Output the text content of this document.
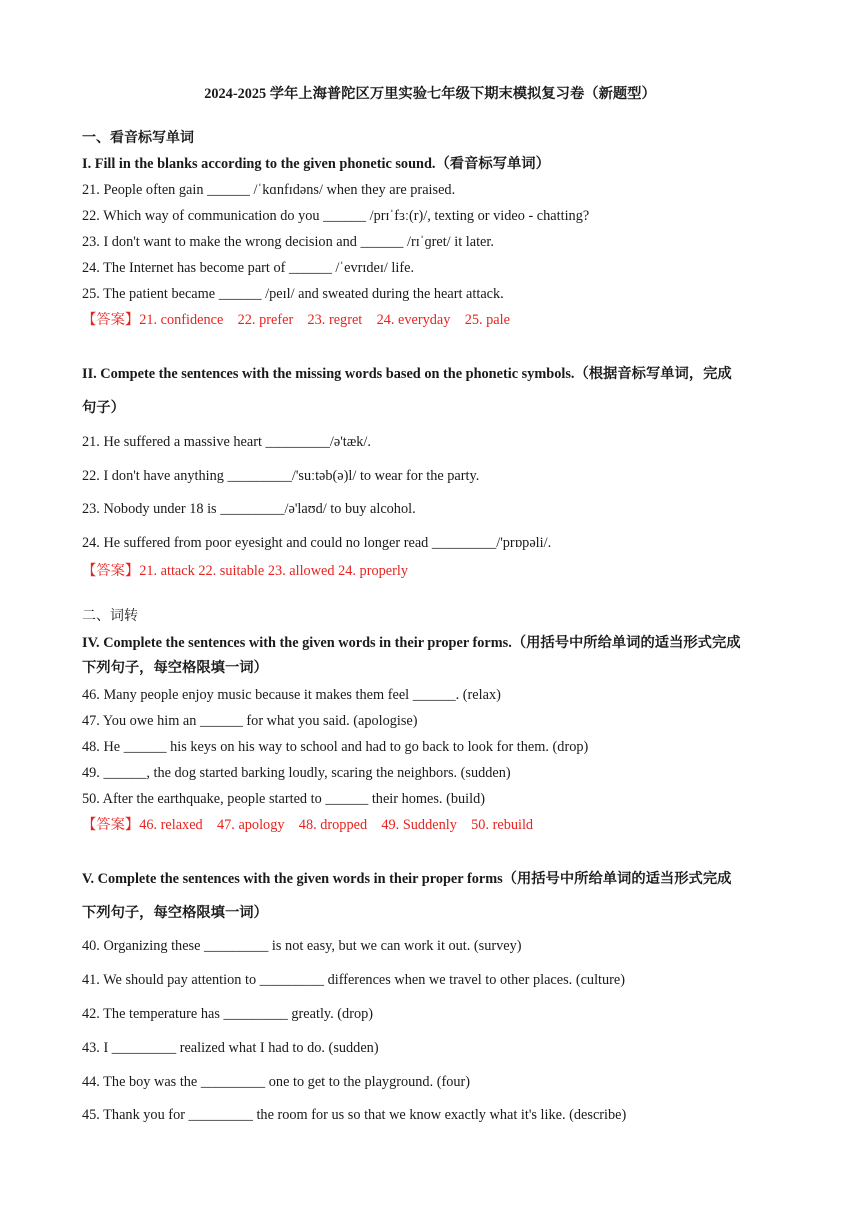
2024-2025 学年上海普陀区万里实验七年级下期末模拟复习卷（新题型）
一、看音标写单词
I. Fill in the blanks according to the given phonetic sound.（看音标写单词）
21. People often gain ______ /ˈkɑnfɪdəns/ when they are praised.
22. Which way of communication do you ______ /prɪˈfɜː(r)/, texting or video - chatting?
23. I don't want to make the wrong decision and ______ /rɪˈɡret/ it later.
24. The Internet has become part of ______ /ˈevrɪdeɪ/ life.
25. The patient became ______ /peɪl/ and sweated during the heart attack.
【答案】21. confidence    22. prefer    23. regret    24. everyday    25. pale
II. Compete the sentences with the missing words based on the phonetic symbols.（根据音标写单词，完成
句子）
21. He suffered a massive heart _________/ə'tæk/.
22. I don't have anything _________/'suːtəb(ə)l/ to wear for the party.
23. Nobody under 18 is _________/ə'laʊd/ to buy alcohol.
24. He suffered from poor eyesight and could no longer read _________/'prɒpəli/.
【答案】21. attack 22. suitable 23. allowed 24. properly
二、词转
IV. Complete the sentences with the given words in their proper forms.（用括号中所给单词的适当形式完成
下列句子，每空格限填一词）
46. Many people enjoy music because it makes them feel ______. (relax)
47. You owe him an ______ for what you said. (apologise)
48. He ______ his keys on his way to school and had to go back to look for them. (drop)
49. ______, the dog started barking loudly, scaring the neighbors. (sudden)
50. After the earthquake, people started to ______ their homes. (build)
【答案】46. relaxed    47. apology    48. dropped    49. Suddenly    50. rebuild
V. Complete the sentences with the given words in their proper forms（用括号中所给单词的适当形式完成
下列句子，每空格限填一词）
40. Organizing these _________ is not easy, but we can work it out. (survey)
41. We should pay attention to _________ differences when we travel to other places. (culture)
42. The temperature has _________ greatly. (drop)
43. I _________ realized what I had to do. (sudden)
44. The boy was the _________ one to get to the playground. (four)
45. Thank you for _________ the room for us so that we know exactly what it's like. (describe)
